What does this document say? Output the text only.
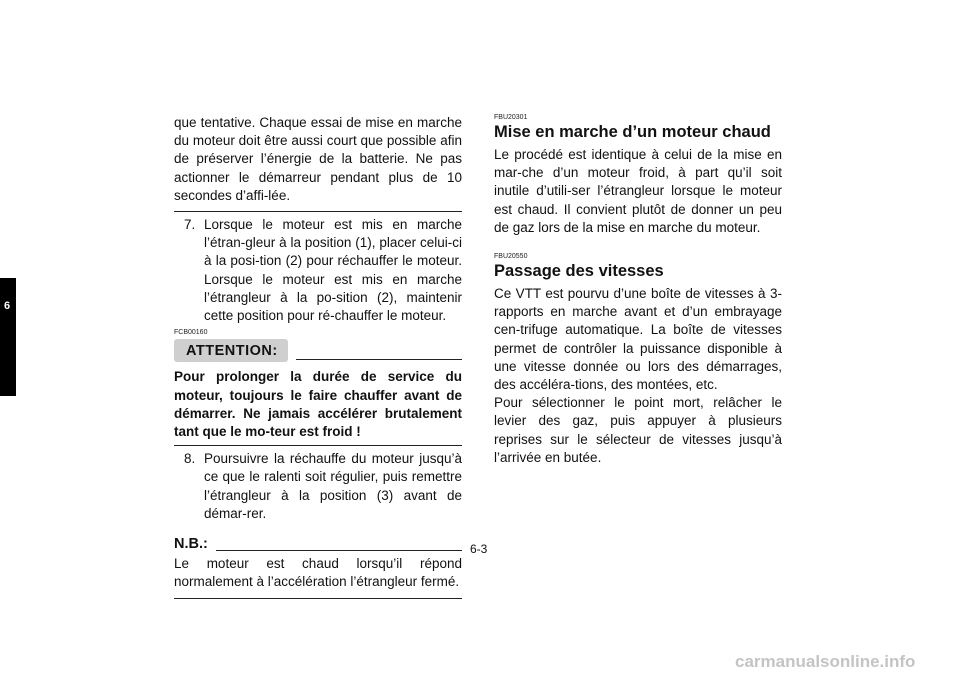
6

que tentative. Chaque essai de mise en marche du moteur doit être aussi court que possible afin de préserver l’énergie de la batterie. Ne pas actionner le démarreur pendant plus de 10 secondes d’affi-lée.

7. Lorsque le moteur est mis en marche l’étran-gleur à la position (1), placer celui-ci à la posi-tion (2) pour réchauffer le moteur. Lorsque le moteur est mis en marche l’étrangleur à la po-sition (2), maintenir cette position pour ré-chauffer le moteur.
FCB00160
ATTENTION:

Pour prolonger la durée de service du moteur, toujours le faire chauffer avant de démarrer. Ne jamais accélérer brutalement tant que le mo-teur est froid !

8. Poursuivre la réchauffe du moteur jusqu’à ce que le ralenti soit régulier, puis remettre l’étrangleur à la position (3) avant de démar-rer.
N.B.:

Le moteur est chaud lorsqu’il répond normalement à l’accélération l’étrangleur fermé.

FBU20301
Mise en marche d’un moteur chaud

Le procédé est identique à celui de la mise en mar-che d’un moteur froid, à part qu’il soit inutile d’utili-ser l’étrangleur lorsque le moteur est chaud. Il convient plutôt de donner un peu de gaz lors de la mise en marche du moteur.

FBU20550
Passage des vitesses

Ce VTT est pourvu d’une boîte de vitesses à 3-rapports en marche avant et d’un embrayage cen-trifuge automatique. La boîte de vitesses permet de contrôler la puissance disponible à une vitesse donnée ou lors des démarrages, des accéléra-tions, des montées, etc.

Pour sélectionner le point mort, relâcher le levier des gaz, puis appuyer à plusieurs reprises sur le sélecteur de vitesses jusqu’à l’arrivée en butée.

6-3
carmanualsonline.info
